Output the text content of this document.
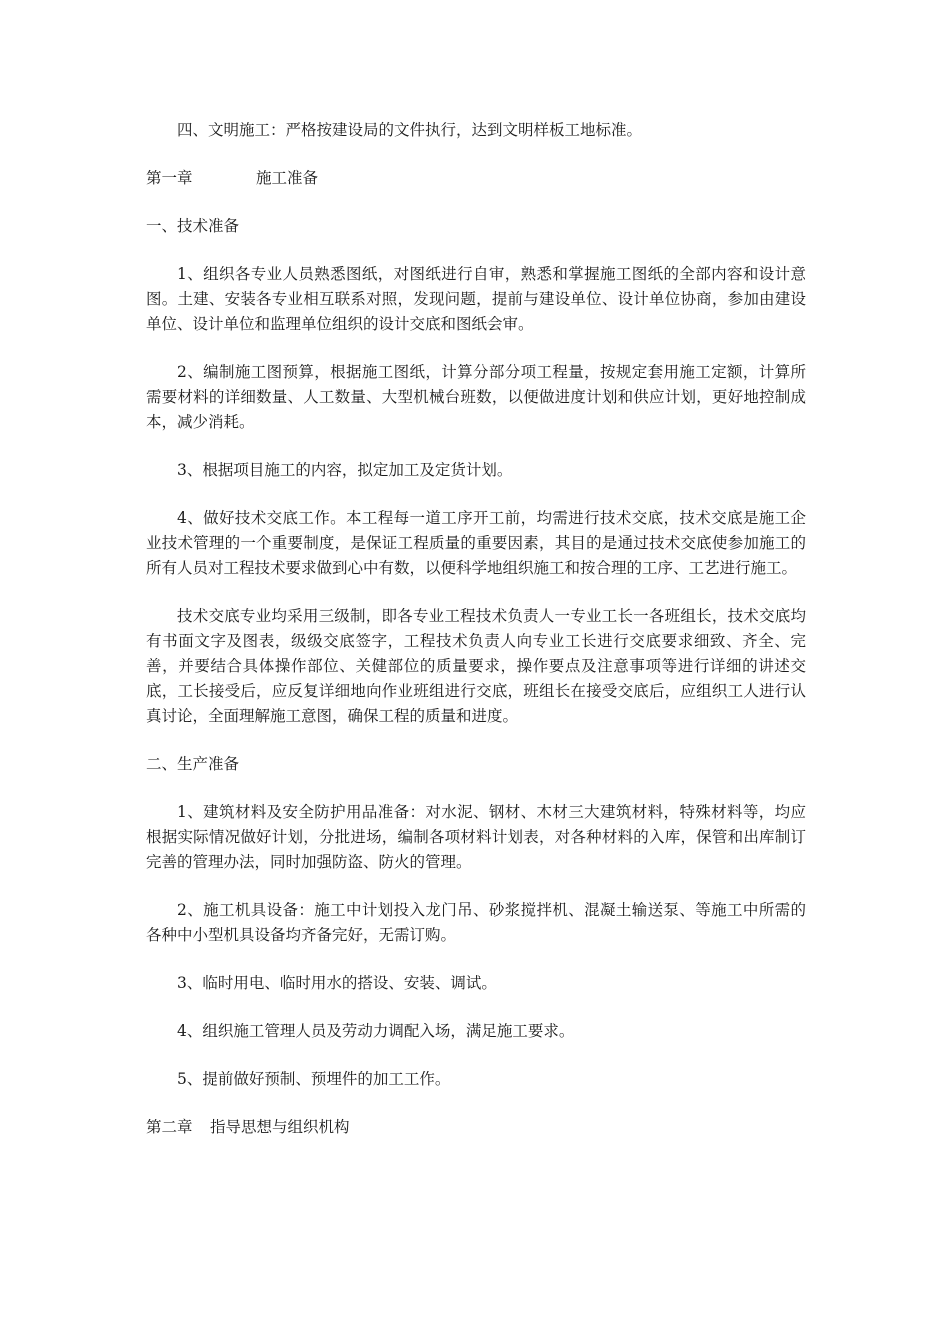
四、文明施工：严格按建设局的文件执行，达到文明样板工地标准。

第一章	施工准备

一、技术准备

1、组织各专业人员熟悉图纸，对图纸进行自审，熟悉和掌握施工图纸的全部内容和设计意图。土建、安装各专业相互联系对照，发现问题，提前与建设单位、设计单位协商，参加由建设单位、设计单位和监理单位组织的设计交底和图纸会审。

2、编制施工图预算，根据施工图纸，计算分部分项工程量，按规定套用施工定额，计算所需要材料的详细数量、人工数量、大型机械台班数，以便做进度计划和供应计划，更好地控制成本，减少消耗。

3、根据项目施工的内容，拟定加工及定货计划。

4、做好技术交底工作。本工程每一道工序开工前，均需进行技术交底，技术交底是施工企业技术管理的一个重要制度，是保证工程质量的重要因素，其目的是通过技术交底使参加施工的所有人员对工程技术要求做到心中有数，以便科学地组织施工和按合理的工序、工艺进行施工。

技术交底专业均采用三级制，即各专业工程技术负责人一专业工长一各班组长，技术交底均有书面文字及图表，级级交底签字，工程技术负责人向专业工长进行交底要求细致、齐全、完善，并要结合具体操作部位、关健部位的质量要求，操作要点及注意事项等进行详细的讲述交底，工长接受后，应反复详细地向作业班组进行交底，班组长在接受交底后，应组织工人进行认真讨论，全面理解施工意图，确保工程的质量和进度。

二、生产准备

1、建筑材料及安全防护用品准备：对水泥、钢材、木材三大建筑材料，特殊材料等，均应根据实际情况做好计划，分批进场，编制各项材料计划表，对各种材料的入库，保管和出库制订完善的管理办法，同时加强防盗、防火的管理。

2、施工机具设备：施工中计划投入龙门吊、砂浆搅拌机、混凝土输送泵、等施工中所需的各种中小型机具设备均齐备完好，无需订购。

3、临时用电、临时用水的搭设、安装、调试。

4、组织施工管理人员及劳动力调配入场，满足施工要求。

5、提前做好预制、预埋件的加工工作。

第二章 指导思想与组织机构
